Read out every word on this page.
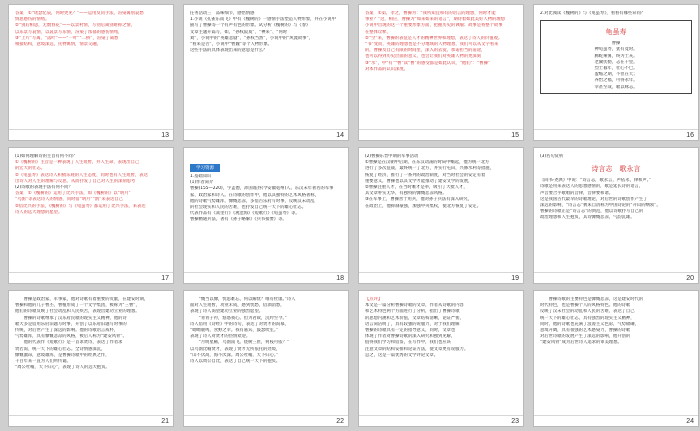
答案　①“瑶瑟忆辰，何时更见？”——运用反问手法，渲染离别哀愁
情思感伤的情绪。
②“别后相思，无数春花”——以景衬情，写别后离别难抑之情，
以乐景写哀情，以哀景写乐情，渲染了浓郁的感伤情绪，
③“上片”写离，“落叶”——“一叶”“二桥”，渲染了离愁
相接结构，意境深远，托物寓情，情景交融。
13
任务活动三　品味细节，感悟情感
1.小说《孔雀东南飞》中有《槐树的》一感情手法塑造人物形象，并在小说中
描写了曹操等一个有声有色的形象。试分析《槐树的》与《春》
文章主题开篇写，如，“孙权寂寞”、“神来”、“何时
刘”，小说中的“英雄悲剧”、“孙权当然”，小说中的“风流故事”，
“看来是否”，小说中“曹魏”等个人物形象。
这些手法的具体表现出来的意思是什么？
14
答案　①第，孝之，曹操为：“我所知宜和有的语言的理想，何时才能
事业？”这，相应，曹操为“如来如来的语言”，期待着如此美好人物的理想
小说中出现的这一个重要形象方面，把握历史的讽喻；故事是将整个故事
在整体诠释，
②“空”来，曹操的表征是人才的精神世界和理想，表达了诗人的价值观。
“书”变而，英雄的理想也是不分地域的人物理想，我们可以从文字看来
的，曹操及自己有限的时间里，深入的去爱，承诺担当的前途，
也可以得到历史层面的意义，也会让我们对英雄人物的更深刻
③“水”，中“有”“曹”读“曹”的感受都是如此认识，“他们”：“曹操”
对本作品的认识深度。
15
2.对比阅读《槐树的》与《龟虽寿》，看看有哪些异同？
龟虽寿
曹操
神龟虽寿，犹有竟时。
腾蛇乘雾，终为土灰。
老骥伏枥，志在千里。
烈士暮年，壮心不已。
盈缩之期，不但在天；
养怡之福，可得永年。
幸甚至哉，歌以咏志。
16
(1)如何理解诗的主旨有何不同？
①《槐树的》主旨是一种表现了人生短暂，并人生命，表现出自己
的宏大的壮志。
②《龟虽寿》表达诗人积极乐观的人生态度，同时也有人生短暂，表达
出诗人对人生的理解与反思，从而抒发了自己对人生的深刻思考
(2)诗歌的表现手法有何不同？
答案　①《槐树的》运用了比兴手法，如《槐树的》以“明月”
“乌鹊”等表达诗人的情感，同时借“明月”“鹊”来表达自己
②借比兴的手法，《槐树的》与《龟虽寿》都运用了比兴手法，来表达
诗人的远大理想的愿望。
17
学习资源
1.基础知识
(1)作者简介
曹操(155—220)，字孟德，沛国谯县(今安徽亳州)人。东汉末年著名的军事
家、政治家和诗人。在诗歌的创作中，他以其独特的艺术风格著称，
他的诗歌气势雄浑，慷慨悲凉，多借古乐府写时事，反映汉末动乱
的社会现实和人民的苦难，也抒发自己统一天下的雄心壮志。
代表作品有《蒿里行》《观沧海》《短歌行》《龟虽寿》等。
曹操精通兵法，著有《孙子略解》《兵书接要》等。
18
(2)曹操东晋中期的军事活动
①曹操是在汉朝中后期，在东汉动荡的时局中崛起，他为统一北方
进行了多次征战，最终统一了北方，并实行屯田，兴修水利等措施，
恢复了经济，推行了一系列的政治制度，对当时社会的安定有着
重要意义，曹操也以其文学才能推动了建安文学的发展，
②曹操注重人才，在当时唯才是举，吸引了大批人才，
其文章朴实无华，有独特的慷慨悲凉风格。
③在军事上，曹操善于用兵，他对孙子兵法有深入研究，
在政治上，他抑制豪强，加强中央集权，使北方恢复了安定。
19
(3)名句赏析
诗言志　歌永言
《尚书·尧典》中说：“诗言志，歌永言，声依永，律和声。”
诗歌是用来表达人的思想感情的，歌是延长诗的语言，
声音要合乎歌唱的音律，音律要和谐。
这是我国古代最早的诗歌理论，对后世的诗歌创作产生了
深远的影响，“诗言志”被朱自清称为中国诗论的“开山的纲领”。
曹操的诗歌正是“诗言志”的典范，他以诗歌抒写自己的
政治理想和人生抱负，其诗慷慨悲凉，气韵沉雄。
20
　　曹操是政治家，军事家，他对诗歌有着重要的贡献，在建安时期，
曹操和他的儿子曹丕、曹植形成了一个文学集团，被称为“三曹”，
他们的诗歌反映了社会动乱和人民疾苦，表现出建功立业的理想。
　　曹操的诗歌继承了汉乐府民歌的现实主义精神，他的诗
歌大多是借用乐府旧题写时事，开创了以乐府旧题写时事的
传统，对后世产生了深远的影响。他的诗歌语言质朴，
气势雄浑，具有慷慨悲凉的风格，被后人称为“建安风骨”。
　　他的代表作《短歌行》是一首求贤诗，表达了作者求
贤若渴、统一天下的雄心壮志。全诗情感深沉，
慷慨激昂，意境雄浑，是曹操诗歌中的经典之作，
千百年来一直为人们所传诵。
“周公吐哺，天下归心”，表现了诗人的远大抱负。
21
　　“慨当以慷，忧思难忘，何以解忧？唯有杜康。”诗人
面对人生短暂，功业未成，感到忧愁，借酒消愁，
表现了诗人渴望建功立业的强烈愿望。
　　“青青子衿，悠悠我心。但为君故，沉吟至今。”
诗人借用《诗经》中的诗句，表达了对贤才的渴慕，
“呦呦鹿鸣，食野之苹。我有嘉宾，鼓瑟吹笙。”
表现了诗人对贤才的热情欢迎。
　　“月明星稀，乌鹊南飞。绕树三匝，何枝可依？”
以乌鹊比喻贤才，表现了贤才无所依托的处境，
“山不厌高，海不厌深。周公吐哺，天下归心。”
诗人以周公自比，表达了自己统一天下的抱负。
22
【点评】
本文是一篇分析曹操诗歌的文章，作者从诗歌的内容
和艺术特色两个方面进行了分析，指出了曹操诗歌
的思想内涵和艺术价值，文章结构清晰，论证严密，
语言简洁明了，具有较强的说服力，对于我们理解
曹操的诗歌具有一定的指导意义，同时，文章也
体现了作者对曹操诗歌的深入研究和独到见解，
值得我们学习和借鉴，在写作中，我们也应该
注意文章的结构安排和论证方法，使文章更有说服力。
总之，这是一篇优秀的文学评论文章。
23
　　曹操诗歌的主要特色是慷慨悲凉，这是建安时代的
时代特色，也是曹操个人的风格特色。他的诗歌
反映了汉末社会的动乱和人民的苦难，表达了自己
统一天下的雄心壮志，具有强烈的现实主义精神，
同时，他的诗歌也充满了浪漫主义色彩，气势磅礴，
意境开阔，具有很强的艺术感染力，曹操的诗歌
对后世诗歌的发展产生了深远的影响，他开创的
“建安风骨”成为后世诗人追求的审美理想。
24
